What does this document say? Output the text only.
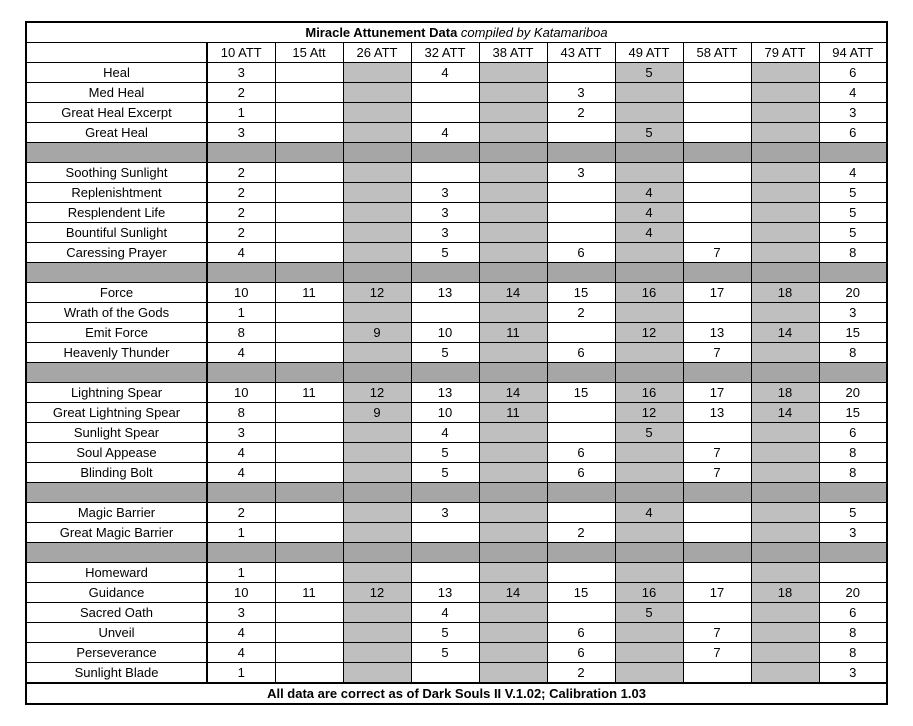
Miracle Attunement Data compiled by Katamariboa										
	10 ATT	15 Att	26 ATT	32 ATT	38 ATT	43 ATT	49 ATT	58 ATT	79 ATT	94 ATT
Heal	3			4			5			6
Med Heal	2					3				4
Great Heal Excerpt	1					2				3
Great Heal	3			4			5			6

Soothing Sunlight	2					3				4
Replenishtment	2			3			4			5
Resplendent Life	2			3			4			5
Bountiful Sunlight	2			3			4			5
Caressing Prayer	4			5		6		7		8

Force	10	11	12	13	14	15	16	17	18	20
Wrath of the Gods	1					2				3
Emit Force	8		9	10	11		12	13	14	15
Heavenly Thunder	4			5		6		7		8

Lightning Spear	10	11	12	13	14	15	16	17	18	20
Great Lightning Spear	8		9	10	11		12	13	14	15
Sunlight Spear	3			4			5			6
Soul Appease	4			5		6		7		8
Blinding Bolt	4			5		6		7		8

Magic Barrier	2			3			4			5
Great Magic Barrier	1					2				3

Homeward	1									
Guidance	10	11	12	13	14	15	16	17	18	20
Sacred Oath	3			4			5			6
Unveil	4			5		6		7		8
Perseverance	4			5		6		7		8
Sunlight Blade	1					2				3
All data are correct as of Dark Souls II V.1.02; Calibration 1.03										
